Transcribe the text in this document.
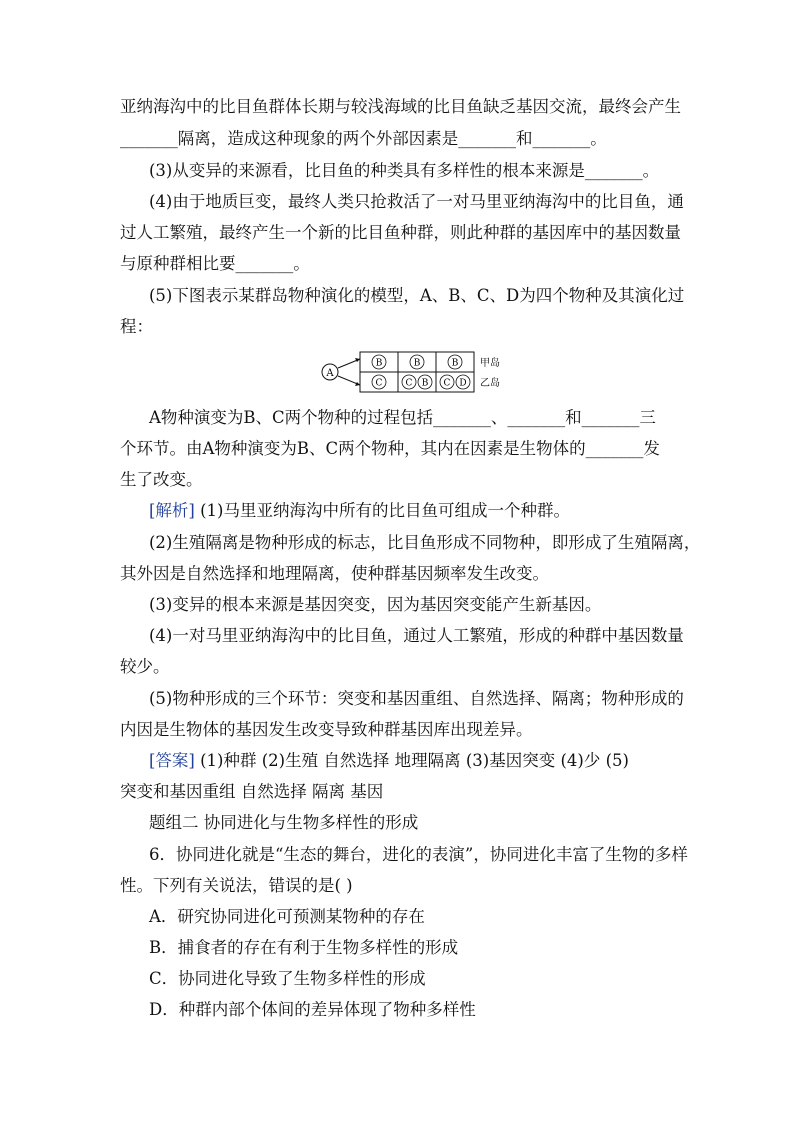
亚纳海沟中的比目鱼群体长期与较浅海域的比目鱼缺乏基因交流，最终会产生
_______隔离，造成这种现象的两个外部因素是_______和_______。
(3)从变异的来源看，比目鱼的种类具有多样性的根本来源是_______。
(4)由于地质巨变，最终人类只抢救活了一对马里亚纳海沟中的比目鱼，通
过人工繁殖，最终产生一个新的比目鱼种群，则此种群的基因库中的基因数量
与原种群相比要_______。
(5)下图表示某群岛物种演化的模型，A、B、C、D为四个物种及其演化过
程：
A
B	B	B
C	C B C D
甲岛
乙岛
A物种演变为B、C两个物种的过程包括_______、_______和_______三
个环节。由A物种演变为B、C两个物种，其内在因素是生物体的_______发
生了改变。
[解析] (1)马里亚纳海沟中所有的比目鱼可组成一个种群。
(2)生殖隔离是物种形成的标志，比目鱼形成不同物种，即形成了生殖隔离，
其外因是自然选择和地理隔离，使种群基因频率发生改变。
(3)变异的根本来源是基因突变，因为基因突变能产生新基因。
(4)一对马里亚纳海沟中的比目鱼，通过人工繁殖，形成的种群中基因数量
较少。
(5)物种形成的三个环节：突变和基因重组、自然选择、隔离；物种形成的
内因是生物体的基因发生改变导致种群基因库出现差异。
[答案] (1)种群 (2)生殖 自然选择 地理隔离 (3)基因突变 (4)少 (5)
突变和基因重组 自然选择 隔离 基因
题组二 协同进化与生物多样性的形成
6．协同进化就是“生态的舞台，进化的表演”，协同进化丰富了生物的多样
性。下列有关说法，错误的是( )
A．研究协同进化可预测某物种的存在
B．捕食者的存在有利于生物多样性的形成
C．协同进化导致了生物多样性的形成
D．种群内部个体间的差异体现了物种多样性
